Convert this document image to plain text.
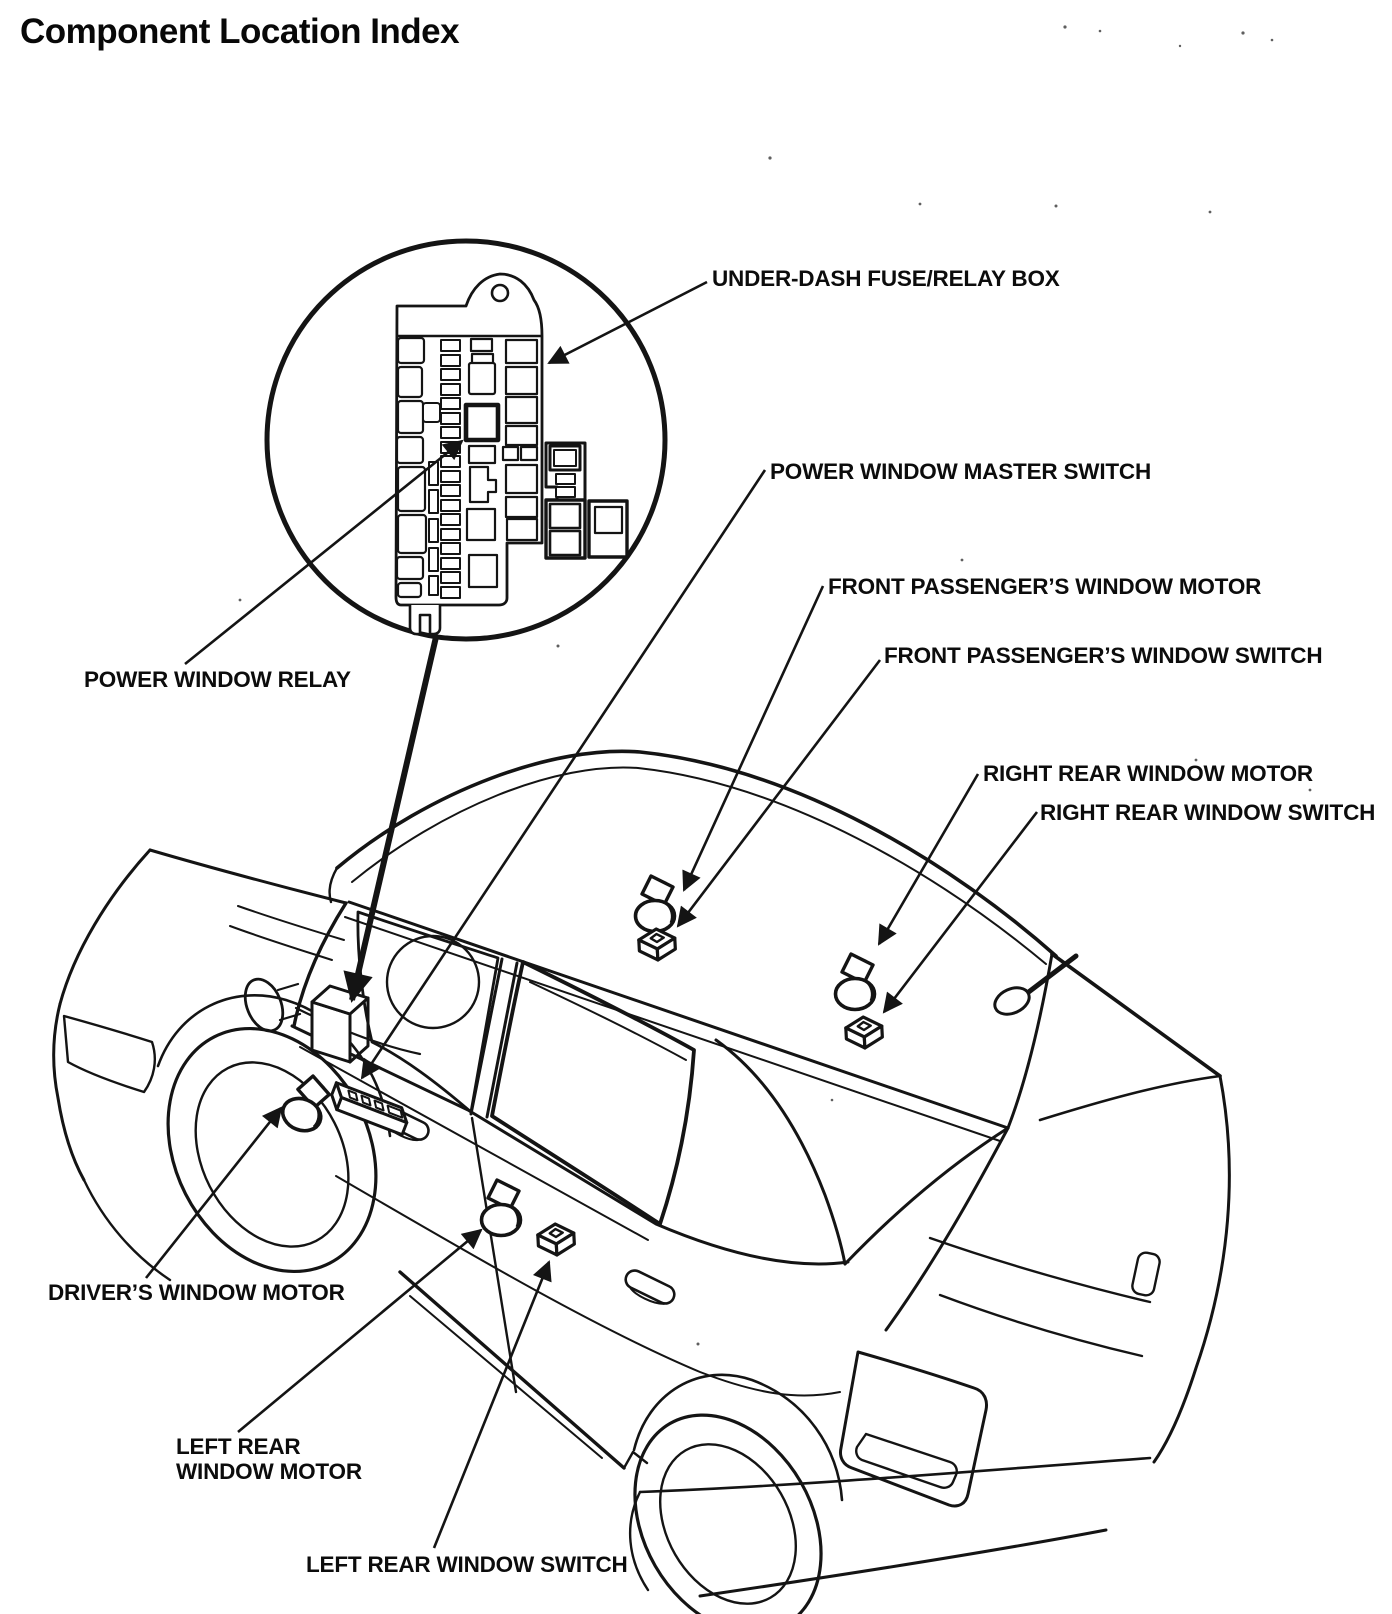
Component Location Index
UNDER-DASH FUSE/RELAY BOX
POWER WINDOW MASTER SWITCH
FRONT PASSENGER’S WINDOW MOTOR
FRONT PASSENGER’S WINDOW SWITCH
RIGHT REAR WINDOW MOTOR
RIGHT REAR WINDOW SWITCH
POWER WINDOW RELAY
DRIVER’S WINDOW MOTOR
LEFT REAR
WINDOW MOTOR
LEFT REAR WINDOW SWITCH
